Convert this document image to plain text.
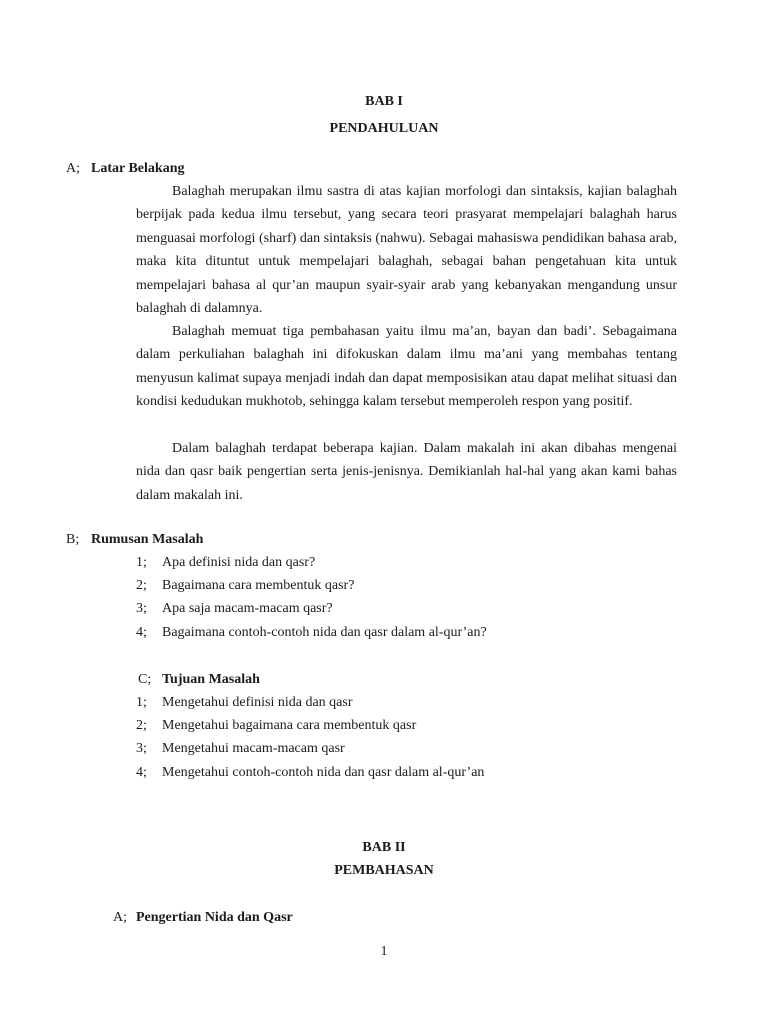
BAB I
PENDAHULUAN
A; Latar Belakang
Balaghah merupakan ilmu sastra di atas kajian morfologi dan sintaksis, kajian balaghah berpijak pada kedua ilmu tersebut, yang secara teori prasyarat mempelajari balaghah harus menguasai morfologi (sharf) dan sintaksis (nahwu). Sebagai mahasiswa pendidikan bahasa arab, maka kita dituntut untuk mempelajari balaghah, sebagai bahan pengetahuan kita untuk mempelajari bahasa al qur’an maupun syair-syair arab yang kebanyakan mengandung unsur balaghah di dalamnya.
Balaghah memuat tiga pembahasan yaitu ilmu ma’an, bayan dan badi’. Sebagaimana dalam perkuliahan balaghah ini difokuskan dalam ilmu ma’ani yang membahas tentang menyusun kalimat supaya menjadi indah dan dapat memposisikan atau dapat melihat situasi dan kondisi kedudukan mukhotob, sehingga kalam tersebut memperoleh respon yang positif.
Dalam balaghah terdapat beberapa kajian. Dalam makalah ini akan dibahas mengenai nida dan qasr baik pengertian serta jenis-jenisnya. Demikianlah hal-hal yang akan kami bahas dalam makalah ini.
B; Rumusan Masalah
1; Apa definisi nida dan qasr?
2; Bagaimana cara membentuk qasr?
3; Apa saja macam-macam qasr?
4; Bagaimana contoh-contoh nida dan qasr dalam al-qur’an?
C; Tujuan Masalah
1; Mengetahui definisi nida dan qasr
2; Mengetahui bagaimana cara membentuk qasr
3; Mengetahui macam-macam qasr
4; Mengetahui contoh-contoh nida dan qasr dalam al-qur’an
BAB II
PEMBAHASAN
A; Pengertian Nida dan Qasr
1
